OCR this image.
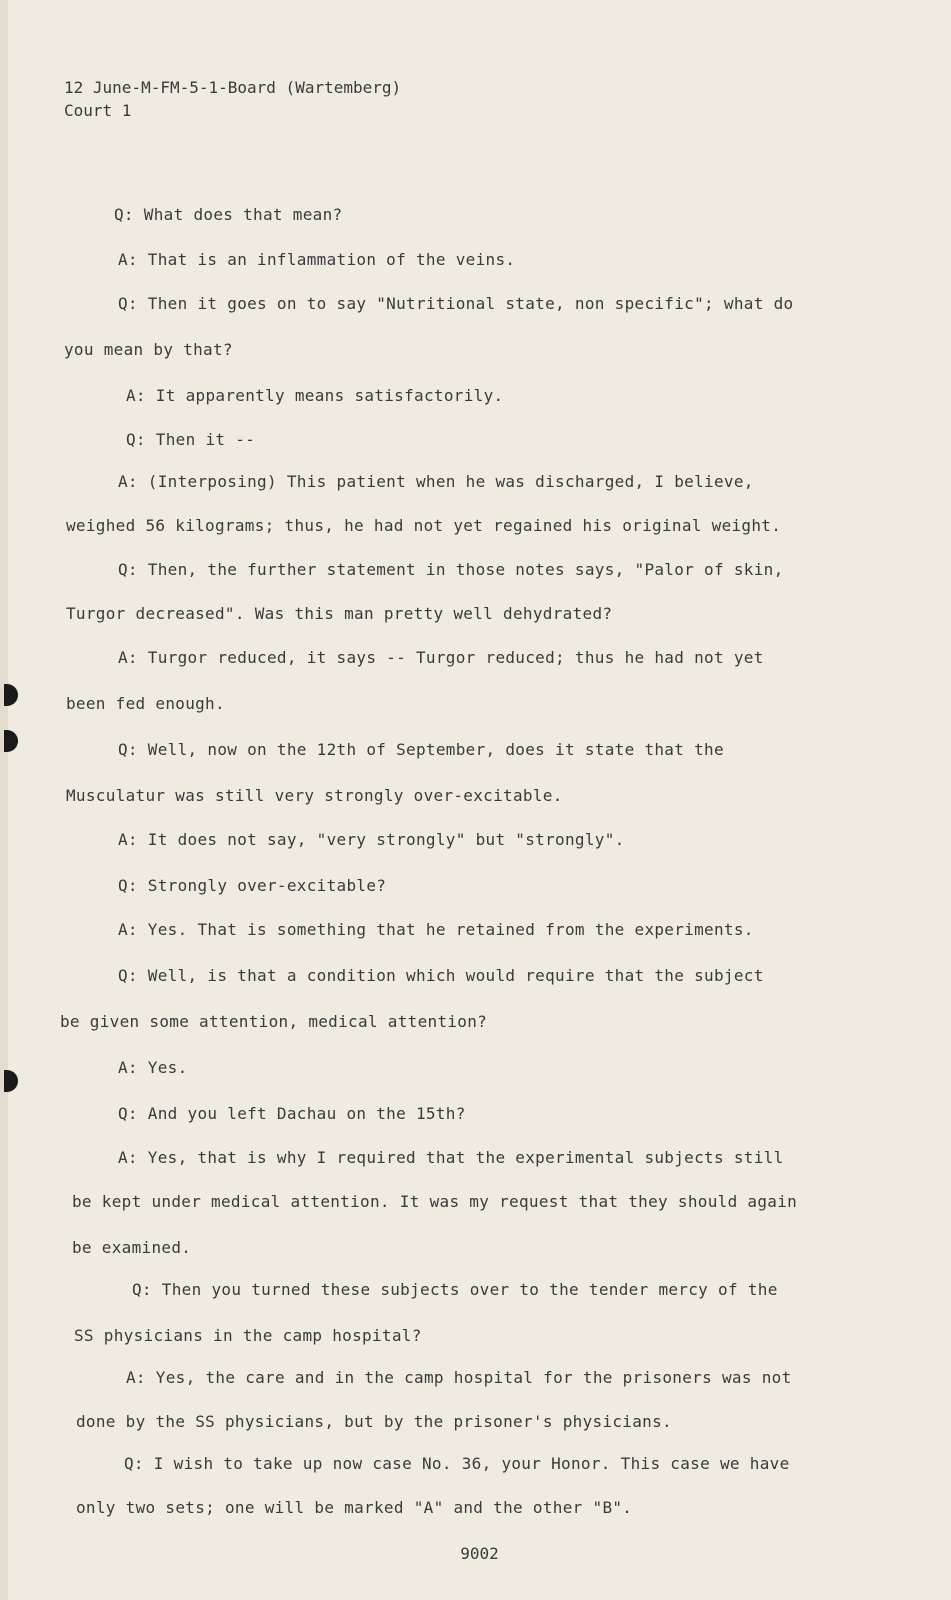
12 June-M-FM-5-1-Board (Wartemberg)
Court 1
Q: What does that mean?
A: That is an inflammation of the veins.
Q: Then it goes on to say "Nutritional state, non specific"; what do
you mean by that?
A: It apparently means satisfactorily.
Q: Then it --
A: (Interposing) This patient when he was discharged, I believe,
weighed 56 kilograms; thus, he had not yet regained his original weight.
Q: Then, the further statement in those notes says, "Palor of skin,
Turgor decreased". Was this man pretty well dehydrated?
A: Turgor reduced, it says -- Turgor reduced; thus he had not yet
been fed enough.
Q: Well, now on the 12th of September, does it state that the
Musculatur was still very strongly over-excitable.
A: It does not say, "very strongly" but "strongly".
Q: Strongly over-excitable?
A: Yes. That is something that he retained from the experiments.
Q: Well, is that a condition which would require that the subject
be given some attention, medical attention?
A: Yes.
Q: And you left Dachau on the 15th?
A: Yes, that is why I required that the experimental subjects still
be kept under medical attention. It was my request that they should again
be examined.
Q: Then you turned these subjects over to the tender mercy of the
SS physicians in the camp hospital?
A: Yes, the care and in the camp hospital for the prisoners was not
done by the SS physicians, but by the prisoner's physicians.
Q: I wish to take up now case No. 36, your Honor. This case we have
only two sets; one will be marked "A" and the other "B".
9002
